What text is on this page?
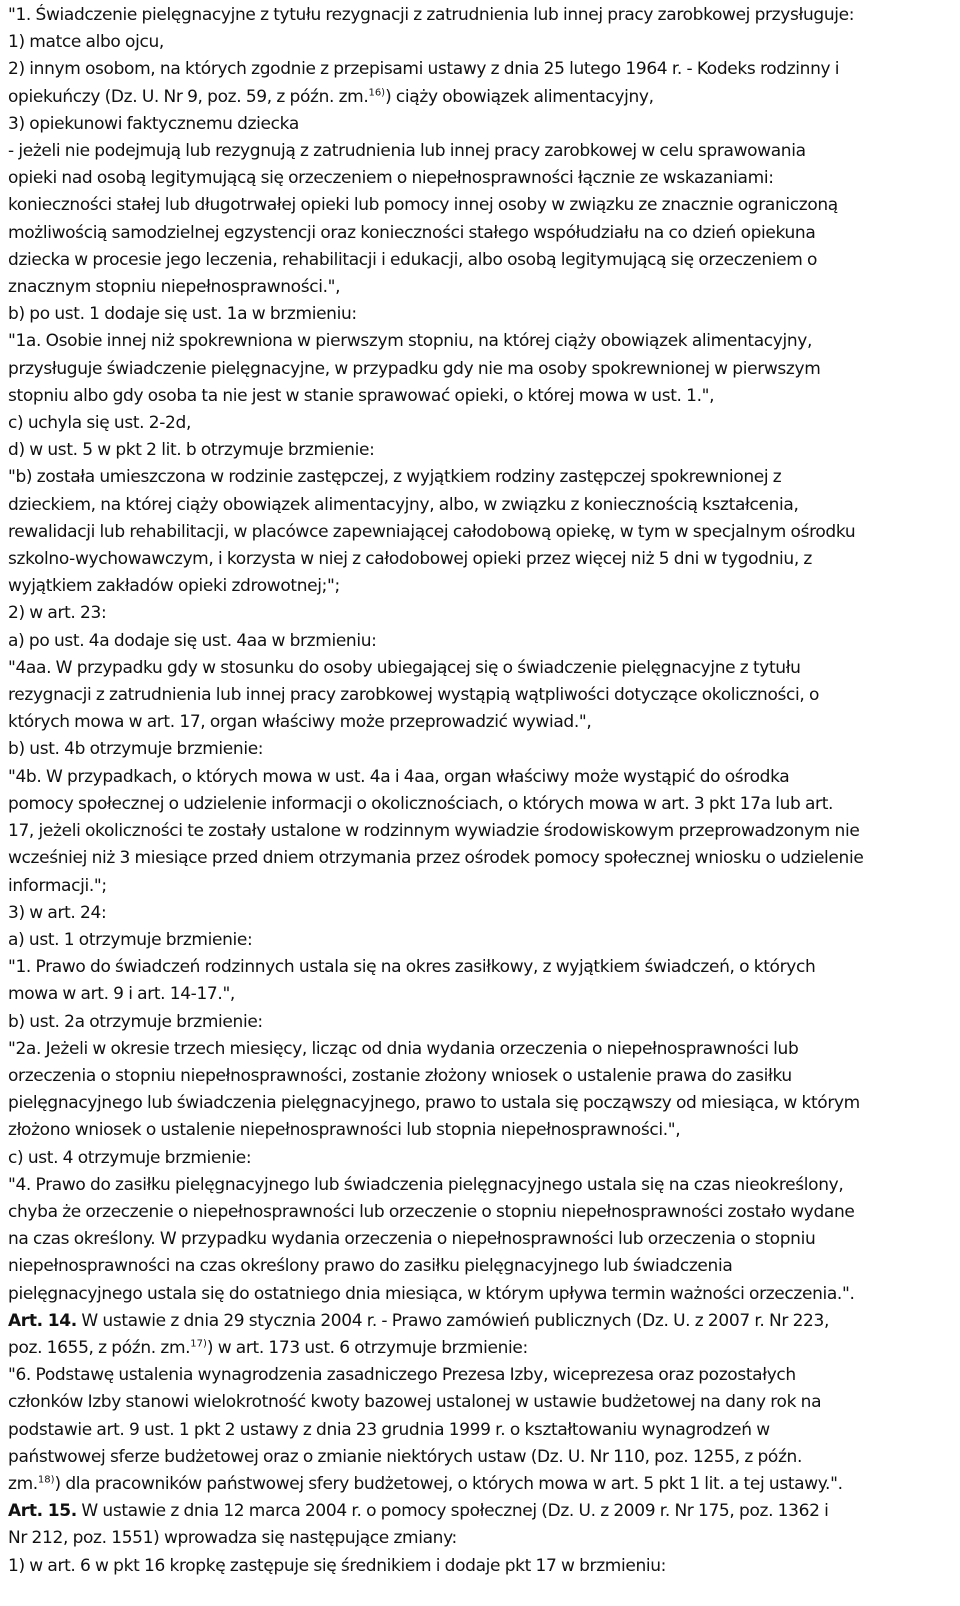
"1. Świadczenie pielęgnacyjne z tytułu rezygnacji z zatrudnienia lub innej pracy zarobkowej przysługuje:

1) matce albo ojcu,

2) innym osobom, na których zgodnie z przepisami ustawy z dnia 25 lutego 1964 r. - Kodeks rodzinny i

opiekuńczy (Dz. U. Nr 9, poz. 59, z późn. zm.$^{16)}$) ciąży obowiązek alimentacyjny,

3) opiekunowi faktycznemu dziecka

- jeżeli nie podejmują lub rezygnują z zatrudnienia lub innej pracy zarobkowej w celu sprawowania

opieki nad osobą legitymującą się orzeczeniem o niepełnosprawności łącznie ze wskazaniami:

konieczności stałej lub długotrwałej opieki lub pomocy innej osoby w związku ze znacznie ograniczoną

możliwością samodzielnej egzystencji oraz konieczności stałego współudziału na co dzień opiekuna

dziecka w procesie jego leczenia, rehabilitacji i edukacji, albo osobą legitymującą się orzeczeniem o

znacznym stopniu niepełnosprawności.",

b) po ust. 1 dodaje się ust. 1a w brzmieniu:

"1a. Osobie innej niż spokrewniona w pierwszym stopniu, na której ciąży obowiązek alimentacyjny,

przysługuje świadczenie pielęgnacyjne, w przypadku gdy nie ma osoby spokrewnionej w pierwszym

stopniu albo gdy osoba ta nie jest w stanie sprawować opieki, o której mowa w ust. 1.",

c) uchyla się ust. 2-2d,

d) w ust. 5 w pkt 2 lit. b otrzymuje brzmienie:

"b) została umieszczona w rodzinie zastępczej, z wyjątkiem rodziny zastępczej spokrewnionej z

dzieckiem, na której ciąży obowiązek alimentacyjny, albo, w związku z koniecznością kształcenia,

rewalidacji lub rehabilitacji, w placówce zapewniającej całodobową opiekę, w tym w specjalnym ośrodku

szkolno-wychowawczym, i korzysta w niej z całodobowej opieki przez więcej niż 5 dni w tygodniu, z

wyjątkiem zakładów opieki zdrowotnej;";

2) w art. 23:

a) po ust. 4a dodaje się ust. 4aa w brzmieniu:

"4aa. W przypadku gdy w stosunku do osoby ubiegającej się o świadczenie pielęgnacyjne z tytułu

rezygnacji z zatrudnienia lub innej pracy zarobkowej wystąpią wątpliwości dotyczące okoliczności, o

których mowa w art. 17, organ właściwy może przeprowadzić wywiad.",

b) ust. 4b otrzymuje brzmienie:

"4b. W przypadkach, o których mowa w ust. 4a i 4aa, organ właściwy może wystąpić do ośrodka

pomocy społecznej o udzielenie informacji o okolicznościach, o których mowa w art. 3 pkt 17a lub art.

17, jeżeli okoliczności te zostały ustalone w rodzinnym wywiadzie środowiskowym przeprowadzonym nie

wcześniej niż 3 miesiące przed dniem otrzymania przez ośrodek pomocy społecznej wniosku o udzielenie

informacji.";

3) w art. 24:

a) ust. 1 otrzymuje brzmienie:

"1. Prawo do świadczeń rodzinnych ustala się na okres zasiłkowy, z wyjątkiem świadczeń, o których

mowa w art. 9 i art. 14-17.",

b) ust. 2a otrzymuje brzmienie:

"2a. Jeżeli w okresie trzech miesięcy, licząc od dnia wydania orzeczenia o niepełnosprawności lub

orzeczenia o stopniu niepełnosprawności, zostanie złożony wniosek o ustalenie prawa do zasiłku

pielęgnacyjnego lub świadczenia pielęgnacyjnego, prawo to ustala się począwszy od miesiąca, w którym

złożono wniosek o ustalenie niepełnosprawności lub stopnia niepełnosprawności.",

c) ust. 4 otrzymuje brzmienie:

"4. Prawo do zasiłku pielęgnacyjnego lub świadczenia pielęgnacyjnego ustala się na czas nieokreślony,

chyba że orzeczenie o niepełnosprawności lub orzeczenie o stopniu niepełnosprawności zostało wydane

na czas określony. W przypadku wydania orzeczenia o niepełnosprawności lub orzeczenia o stopniu

niepełnosprawności na czas określony prawo do zasiłku pielęgnacyjnego lub świadczenia

pielęgnacyjnego ustala się do ostatniego dnia miesiąca, w którym upływa termin ważności orzeczenia.".

Art. 14. W ustawie z dnia 29 stycznia 2004 r. - Prawo zamówień publicznych (Dz. U. z 2007 r. Nr 223,

poz. 1655, z późn. zm.$^{17)}$) w art. 173 ust. 6 otrzymuje brzmienie:

"6. Podstawę ustalenia wynagrodzenia zasadniczego Prezesa Izby, wiceprezesa oraz pozostałych

członków Izby stanowi wielokrotność kwoty bazowej ustalonej w ustawie budżetowej na dany rok na

podstawie art. 9 ust. 1 pkt 2 ustawy z dnia 23 grudnia 1999 r. o kształtowaniu wynagrodzeń w

państwowej sferze budżetowej oraz o zmianie niektórych ustaw (Dz. U. Nr 110, poz. 1255, z późn.

zm.$^{18)}$) dla pracowników państwowej sfery budżetowej, o których mowa w art. 5 pkt 1 lit. a tej ustawy.".

Art. 15. W ustawie z dnia 12 marca 2004 r. o pomocy społecznej (Dz. U. z 2009 r. Nr 175, poz. 1362 i

Nr 212, poz. 1551) wprowadza się następujące zmiany:

1) w art. 6 w pkt 16 kropkę zastępuje się średnikiem i dodaje pkt 17 w brzmieniu:
